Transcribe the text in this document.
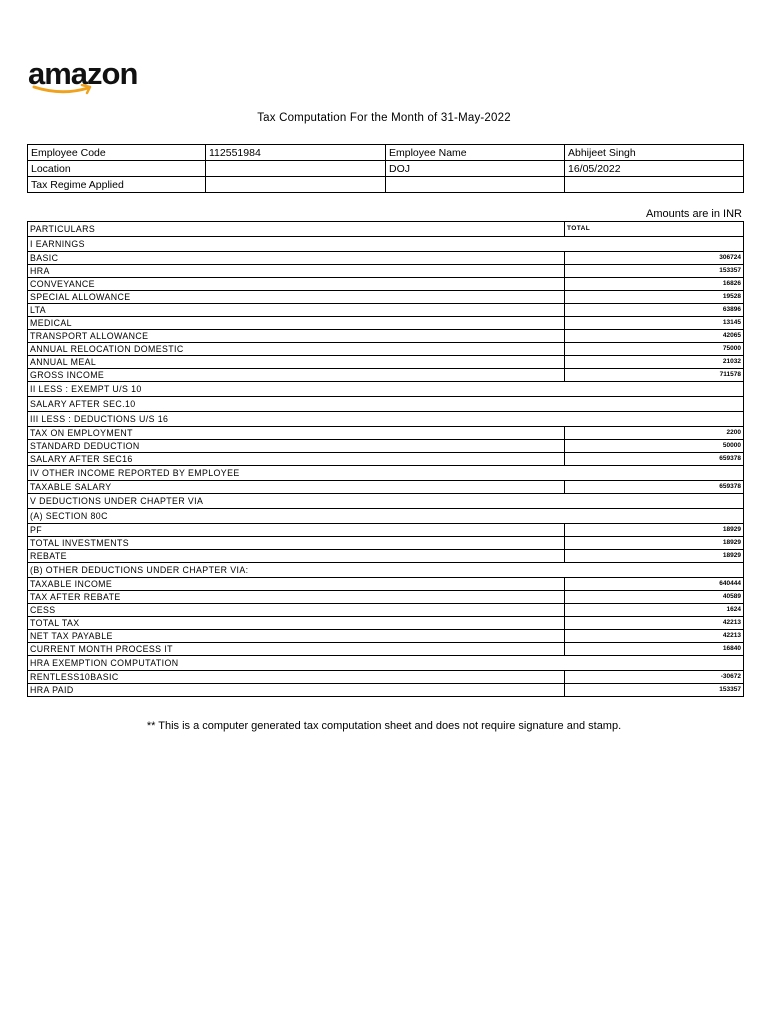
amazon
Tax Computation For the Month of 31-May-2022
Employee Code	112551984	Employee Name	Abhijeet Singh
Location		DOJ	16/05/2022
Tax Regime Applied			
Amounts are in INR
PARTICULARS	TOTAL
I EARNINGS	
BASIC	306724
HRA	153357
CONVEYANCE	16826
SPECIAL ALLOWANCE	19528
LTA	63896
MEDICAL	13145
TRANSPORT ALLOWANCE	42065
ANNUAL RELOCATION DOMESTIC	75000
ANNUAL MEAL	21032
GROSS INCOME	711578
II LESS : EXEMPT U/S 10	
SALARY AFTER SEC.10	
III LESS : DEDUCTIONS U/S 16	
TAX ON EMPLOYMENT	2200
STANDARD DEDUCTION	50000
SALARY AFTER SEC16	659378
IV OTHER INCOME REPORTED BY EMPLOYEE	
TAXABLE SALARY	659378
V DEDUCTIONS UNDER CHAPTER VIA	
(A) SECTION 80C	
PF	18929
TOTAL INVESTMENTS	18929
REBATE	18929
(B) OTHER DEDUCTIONS UNDER CHAPTER VIA:	
TAXABLE INCOME	640444
TAX AFTER REBATE	40589
CESS	1624
TOTAL TAX	42213
NET TAX PAYABLE	42213
CURRENT MONTH PROCESS IT	16840
HRA EXEMPTION COMPUTATION	
RENTLESS10BASIC	-30672
HRA PAID	153357
** This is a computer generated tax computation sheet and does not require signature and stamp.
